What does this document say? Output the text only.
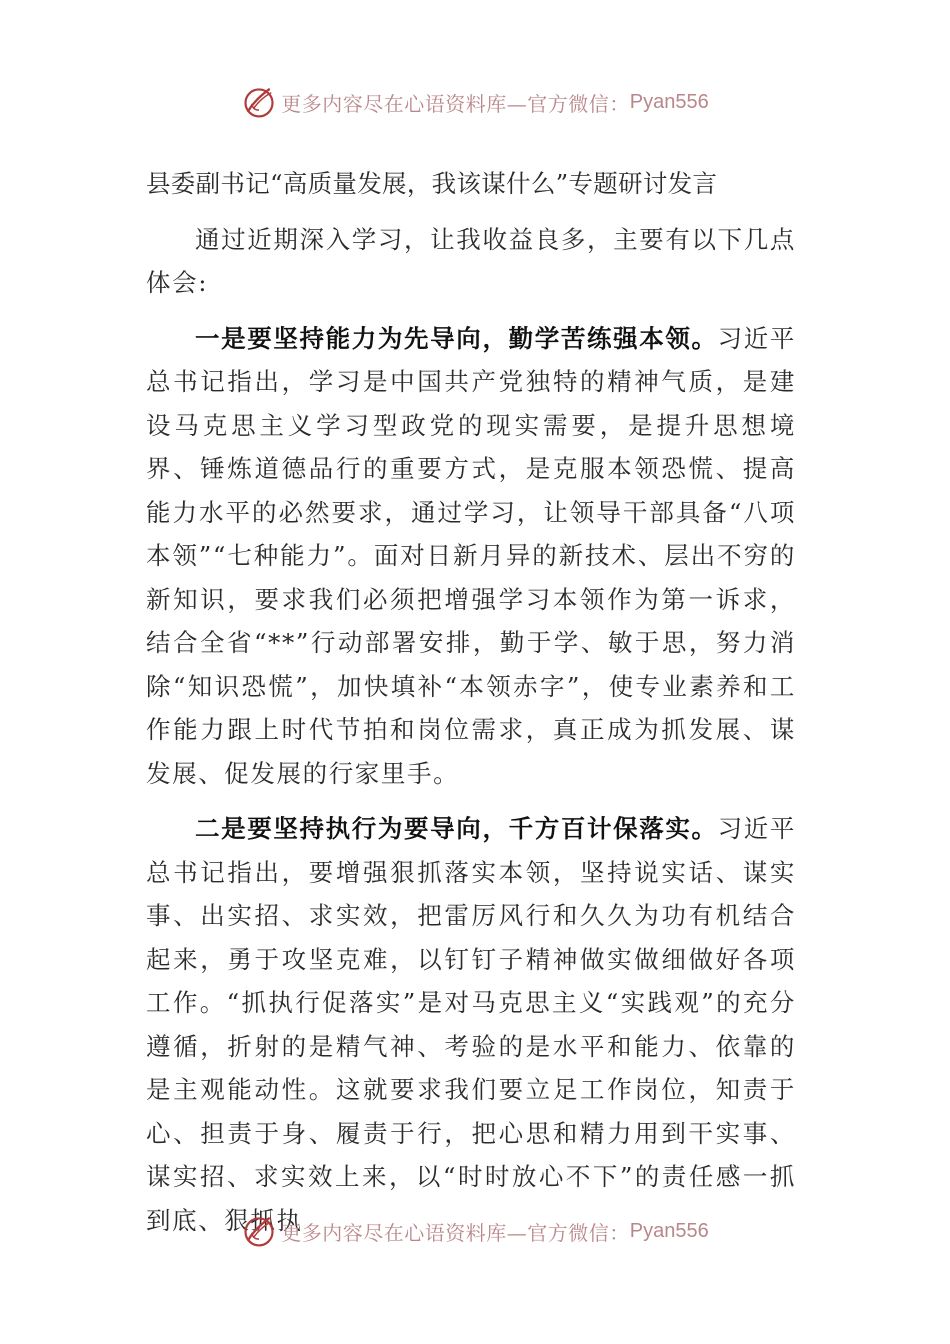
更多内容尽在心语资料库—官方微信： Pyan556

县委副书记“高质量发展，我该谋什么”专题研讨发言

通过近期深入学习，让我收益良多，主要有以下几点体会:

一是要坚持能力为先导向，勤学苦练强本领。习近平总书记指出，学习是中国共产党独特的精神气质，是建设马克思主义学习型政党的现实需要，是提升思想境界、锤炼道德品行的重要方式，是克服本领恐慌、提高能力水平的必然要求，通过学习，让领导干部具备“八项本领”“七种能力”。面对日新月异的新技术、层出不穷的新知识，要求我们必须把增强学习本领作为第一诉求，结合全省“**”行动部署安排，勤于学、敏于思，努力消除“知识恐慌”，加快填补“本领赤字”，使专业素养和工作能力跟上时代节拍和岗位需求，真正成为抓发展、谋发展、促发展的行家里手。

二是要坚持执行为要导向，千方百计保落实。习近平总书记指出，要增强狠抓落实本领，坚持说实话、谋实事、出实招、求实效，把雷厉风行和久久为功有机结合起来，勇于攻坚克难，以钉钉子精神做实做细做好各项工作。“抓执行促落实”是对马克思主义“实践观”的充分遵循，折射的是精气神、考验的是水平和能力、依靠的是主观能动性。这就要求我们要立足工作岗位，知责于心、担责于身、履责于行，把心思和精力用到干实事、谋实招、求实效上来，以“时时放心不下”的责任感一抓到底、狠抓执

更多内容尽在心语资料库—官方微信： Pyan556
